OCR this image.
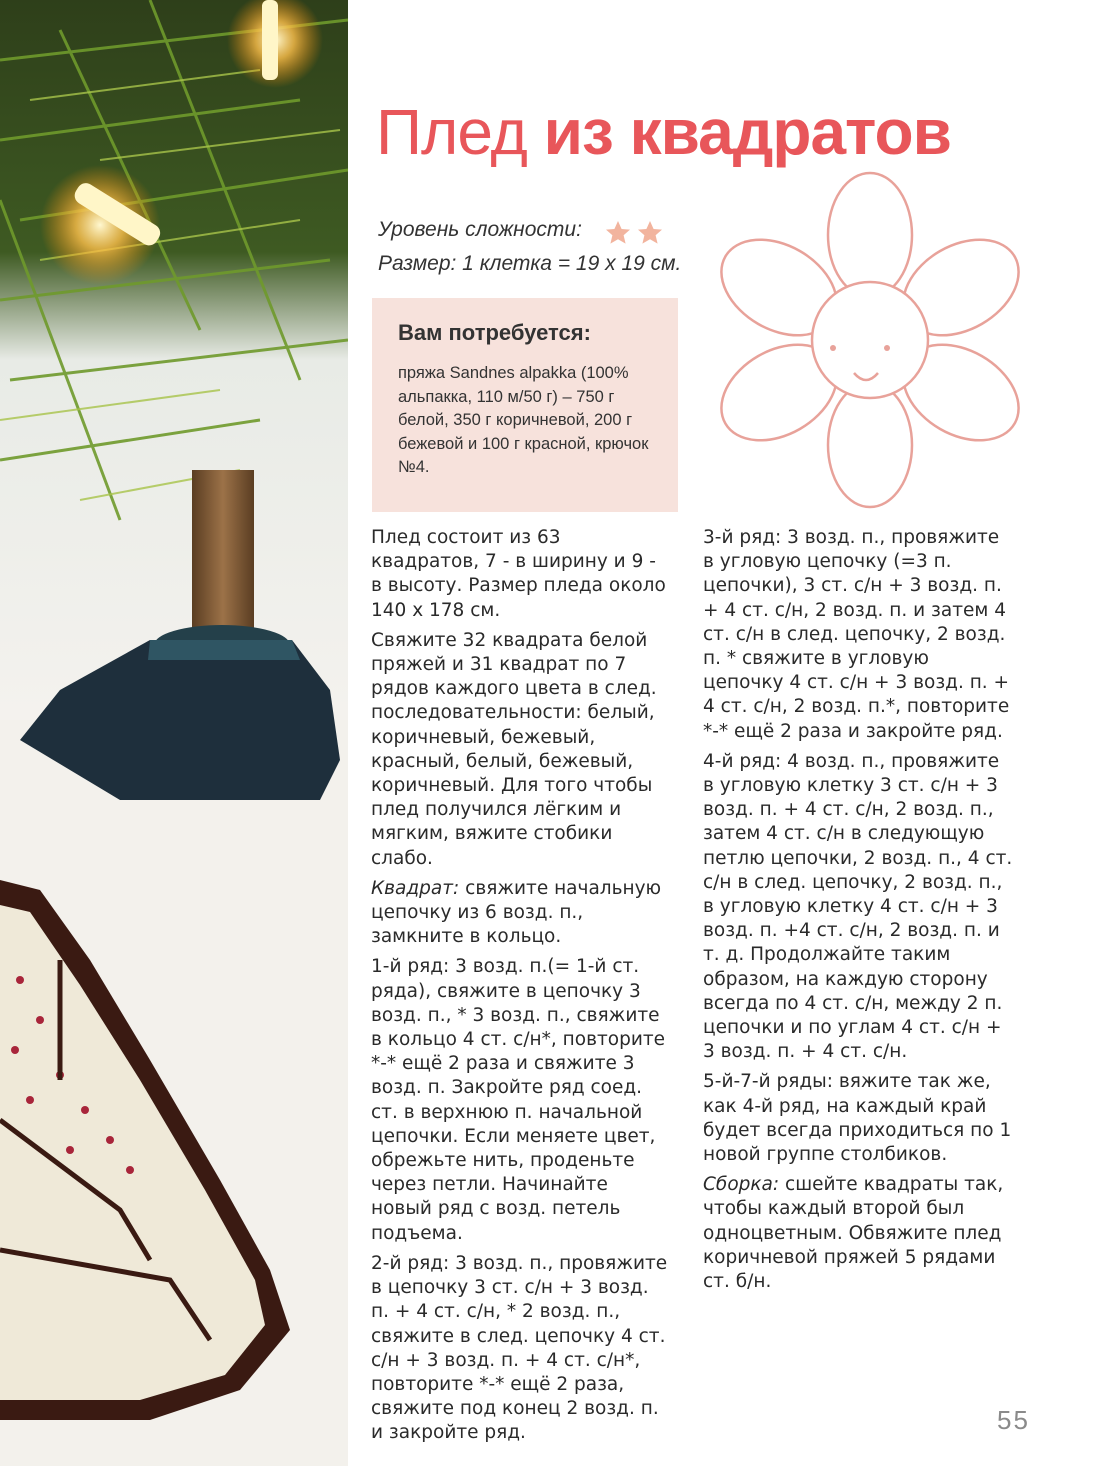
Плед из квадратов
Уровень сложности:
Размер: 1 клетка = 19 х 19 см.
Вам потребуется:

пряжа Sandnes alpakka (100% альпакка, 110 м/50 г) – 750 г белой, 350 г коричневой, 200 г бежевой и 100 г красной, крючок №4.

Плед состоит из 63 квадратов, 7 - в ширину и 9 - в высоту. Размер пледа около 140 х 178 см.

Свяжите 32 квадрата белой пряжей и 31 квадрат по 7 рядов каждого цвета в след. последовательности: белый, коричневый, бежевый, красный, белый, бежевый, коричневый. Для того чтобы плед получился лёгким и мягким, вяжите стобики слабо.

Квадрат: свяжите начальную цепочку из 6 возд. п., замкните в кольцо.

1-й ряд: 3 возд. п.(= 1-й ст. ряда), свяжите в цепочку 3 возд. п., * 3 возд. п., свяжите в кольцо 4 ст. с/н*, повторите *-* ещё 2 раза и свяжите 3 возд. п. Закройте ряд соед. ст. в верхнюю п. начальной цепочки. Если меняете цвет, обрежьте нить, проденьте через петли. Начинайте новый ряд с возд. петель подъема.

2-й ряд: 3 возд. п., провяжите в цепочку 3 ст. с/н + 3 возд. п. + 4 ст. с/н, * 2 возд. п., свяжите в след. цепочку 4 ст. с/н + 3 возд. п. + 4 ст. с/н*, повторите *-* ещё 2 раза, свяжите под конец 2 возд. п. и закройте ряд.

3-й ряд: 3 возд. п., провяжите в угловую цепочку (=3 п. цепочки), 3 ст. с/н + 3 возд. п. + 4 ст. с/н, 2 возд. п. и затем 4 ст. с/н в след. цепочку, 2 возд. п. * свяжите в угловую цепочку 4 ст. с/н + 3 возд. п. + 4 ст. с/н, 2 возд. п.*, повторите *-* ещё 2 раза и закройте ряд.

4-й ряд: 4 возд. п., провяжите в угловую клетку 3 ст. с/н + 3 возд. п. + 4 ст. с/н, 2 возд. п., затем 4 ст. с/н в следующую петлю цепочки, 2 возд. п., 4 ст. с/н в след. цепочку, 2 возд. п., в угловую клетку 4 ст. с/н + 3 возд. п. +4 ст. с/н, 2 возд. п. и т. д. Продолжайте таким образом, на каждую сторону всегда по 4 ст. с/н, между 2 п. цепочки и по углам 4 ст. с/н + 3 возд. п. + 4 ст. с/н.

5-й-7-й ряды: вяжите так же, как 4-й ряд, на каждый край будет всегда приходиться по 1 новой группе столбиков.

Сборка: сшейте квадраты так, чтобы каждый второй был одноцветным. Обвяжите плед коричневой пряжей 5 рядами ст. б/н.

55
